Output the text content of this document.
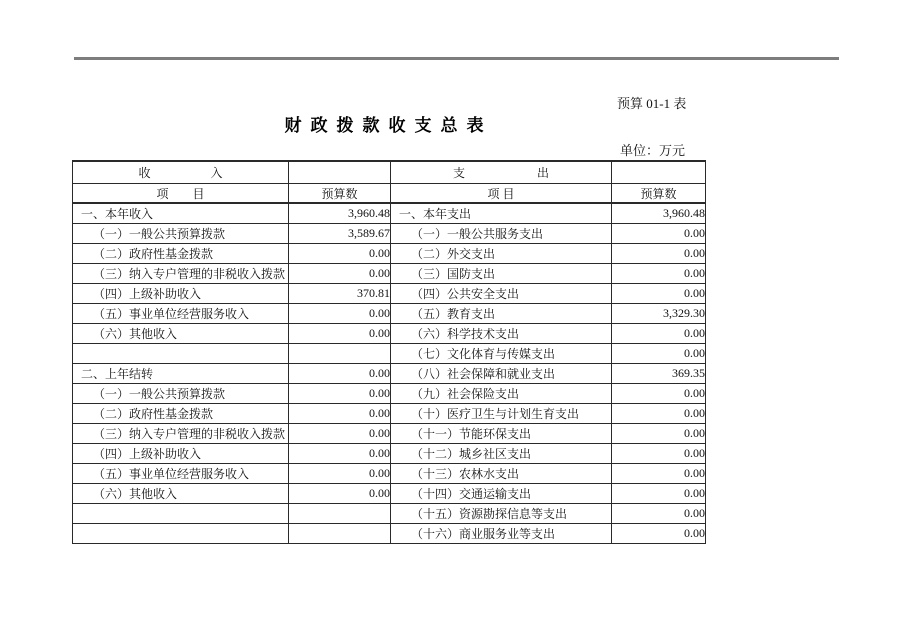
预算 01-1 表
财政拨款收支总表
单位：万元
收　　　　　入		支　　　　　　出	
项　　目	预算数	项 目	预算数
一、本年收入	3,960.48	一、本年支出	3,960.48
（一）一般公共预算拨款	3,589.67	（一）一般公共服务支出	0.00
（二）政府性基金拨款	0.00	（二）外交支出	0.00
（三）纳入专户管理的非税收入拨款	0.00	（三）国防支出	0.00
（四）上级补助收入	370.81	（四）公共安全支出	0.00
（五）事业单位经营服务收入	0.00	（五）教育支出	3,329.30
（六）其他收入	0.00	（六）科学技术支出	0.00
		（七）文化体育与传媒支出	0.00
二、上年结转	0.00	（八）社会保障和就业支出	369.35
（一）一般公共预算拨款	0.00	（九）社会保险支出	0.00
（二）政府性基金拨款	0.00	（十）医疗卫生与计划生育支出	0.00
（三）纳入专户管理的非税收入拨款	0.00	（十一）节能环保支出	0.00
（四）上级补助收入	0.00	（十二）城乡社区支出	0.00
（五）事业单位经营服务收入	0.00	（十三）农林水支出	0.00
（六）其他收入	0.00	（十四）交通运输支出	0.00
		（十五）资源勘探信息等支出	0.00
		（十六）商业服务业等支出	0.00
